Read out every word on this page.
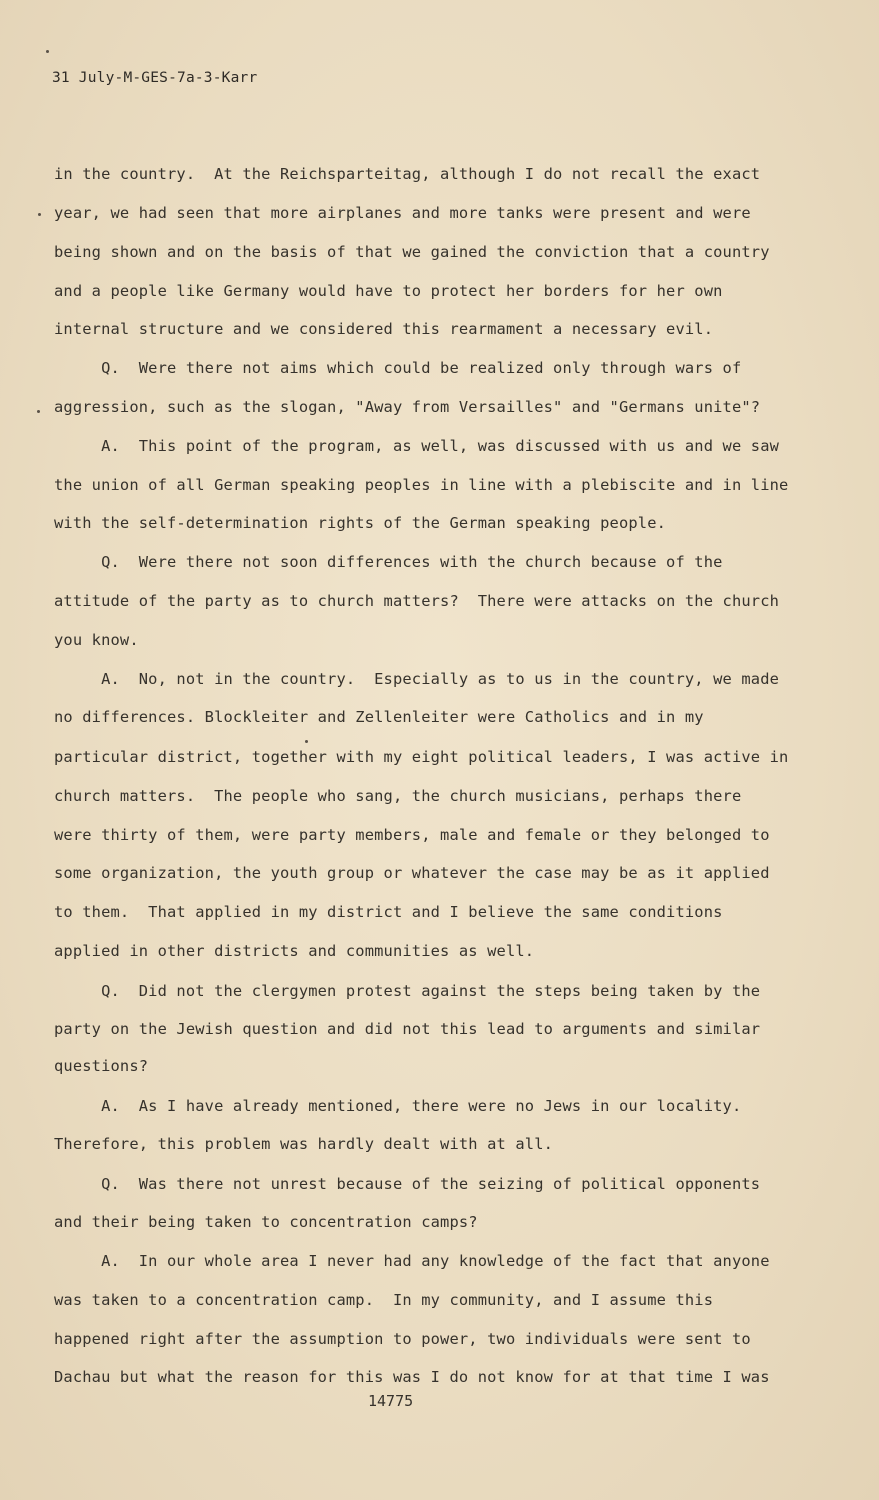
31 July-M-GES-7a-3-Karr
in the country.  At the Reichsparteitag, although I do not recall the exact
year, we had seen that more airplanes and more tanks were present and were
being shown and on the basis of that we gained the conviction that a country
and a people like Germany would have to protect her borders for her own
internal structure and we considered this rearmament a necessary evil.
Q.  Were there not aims which could be realized only through wars of
aggression, such as the slogan, "Away from Versailles" and "Germans unite"?
A.  This point of the program, as well, was discussed with us and we saw
the union of all German speaking peoples in line with a plebiscite and in line
with the self-determination rights of the German speaking people.
Q.  Were there not soon differences with the church because of the
attitude of the party as to church matters?  There were attacks on the church
you know.
A.  No, not in the country.  Especially as to us in the country, we made
no differences. Blockleiter and Zellenleiter were Catholics and in my
particular district, together with my eight political leaders, I was active in
church matters.  The people who sang, the church musicians, perhaps there
were thirty of them, were party members, male and female or they belonged to
some organization, the youth group or whatever the case may be as it applied
to them.  That applied in my district and I believe the same conditions
applied in other districts and communities as well.
Q.  Did not the clergymen protest against the steps being taken by the
party on the Jewish question and did not this lead to arguments and similar
questions?
A.  As I have already mentioned, there were no Jews in our locality.
Therefore, this problem was hardly dealt with at all.
Q.  Was there not unrest because of the seizing of political opponents
and their being taken to concentration camps?
A.  In our whole area I never had any knowledge of the fact that anyone
was taken to a concentration camp.  In my community, and I assume this
happened right after the assumption to power, two individuals were sent to
Dachau but what the reason for this was I do not know for at that time I was
14775
